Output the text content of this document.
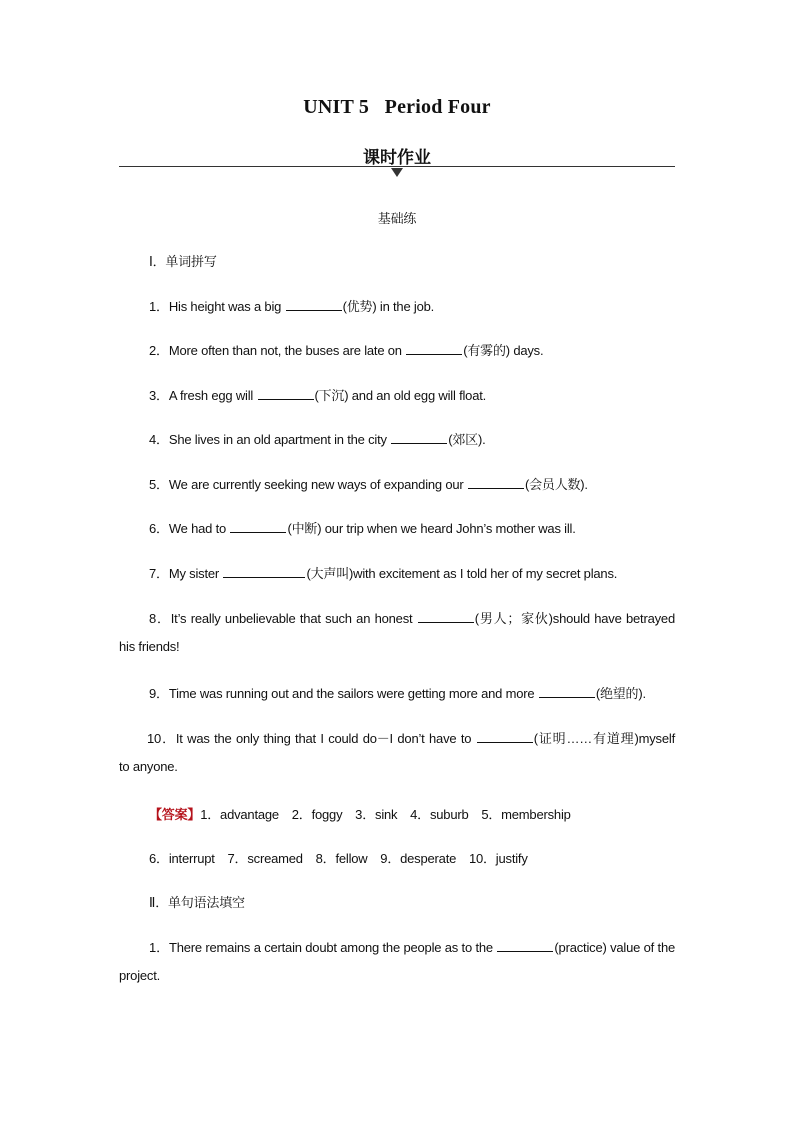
UNIT 5   Period Four
课时作业
基础练
Ⅰ．单词拼写
1．His height was a big	(优势) in the job.
2．More often than not, the buses are late on	(有雾的) days.
3．A fresh egg will	(下沉) and an old egg will float.
4．She lives in an old apartment in the city	(郊区).
5．We are currently seeking new ways of expanding our	(会员人数).
6．We had to	(中断) our trip when we heard John’s mother was ill.
7．My sister	(大声叫)with excitement as I told her of my secret plans.
8．It’s really unbelievable that such an honest	(男人；家伙)should have betrayed
his friends!
9．Time was running out and the sailors were getting more and more	(绝望的).
10．It was the only thing that I could do－I don’t have to	(证明……有道理)myself
to anyone.
【答案】1．advantage　2．foggy　3．sink　4．suburb　5．membership
6．interrupt　7．screamed　8．fellow　9．desperate　10．justify
Ⅱ．单句语法填空
1．There remains a certain doubt among the people as to the	(practice) value of the
project.
